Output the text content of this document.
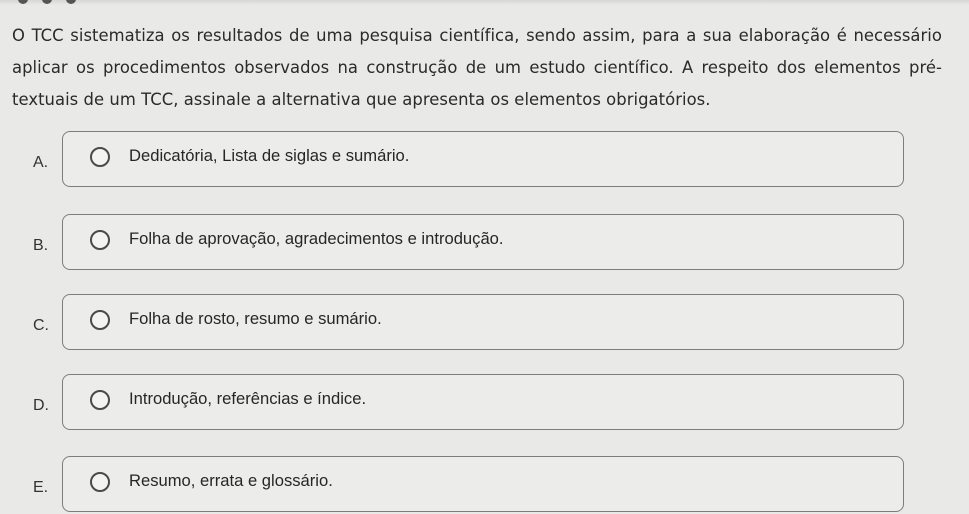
O TCC sistematiza os resultados de uma pesquisa científica, sendo assim, para a sua elaboração é necessário aplicar os procedimentos observados na construção de um estudo científico. A respeito dos elementos pré-textuais de um TCC, assinale a alternativa que apresenta os elementos obrigatórios.
A.	Dedicatória, Lista de siglas e sumário.
B.	Folha de aprovação, agradecimentos e introdução.
C.	Folha de rosto, resumo e sumário.
D.	Introdução, referências e índice.
E.	Resumo, errata e glossário.
